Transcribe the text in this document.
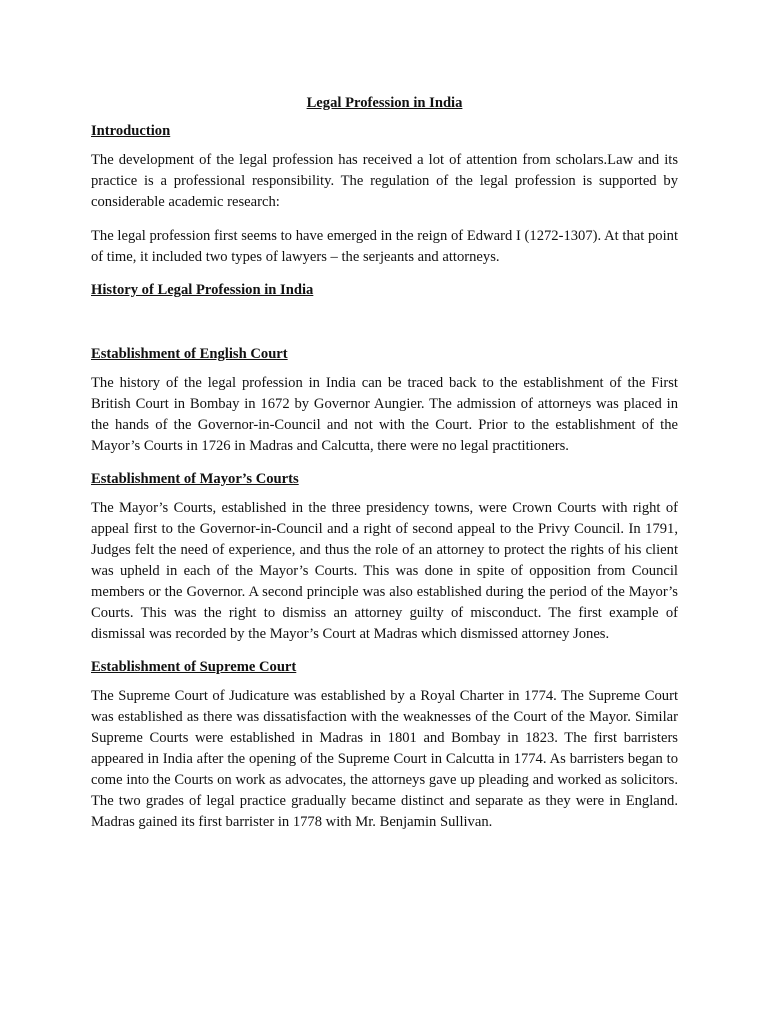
Legal Profession in India

Introduction

The development of the legal profession has received a lot of attention from scholars.Law and its practice is a professional responsibility. The regulation of the legal profession is supported by considerable academic research:

The legal profession first seems to have emerged in the reign of Edward I (1272-1307). At that point of time, it included two types of lawyers – the serjeants and attorneys.

History of Legal Profession in India

Establishment of English Court

The history of the legal profession in India can be traced back to the establishment of the First British Court in Bombay in 1672 by Governor Aungier. The admission of attorneys was placed in the hands of the Governor-in-Council and not with the Court. Prior to the establishment of the Mayor’s Courts in 1726 in Madras and Calcutta, there were no legal practitioners.

Establishment of Mayor’s Courts

The Mayor’s Courts, established in the three presidency towns, were Crown Courts with right of appeal first to the Governor-in-Council and a right of second appeal to the Privy Council. In 1791, Judges felt the need of experience, and thus the role of an attorney to protect the rights of his client was upheld in each of the Mayor’s Courts. This was done in spite of opposition from Council members or the Governor. A second principle was also established during the period of the Mayor’s Courts. This was the right to dismiss an attorney guilty of misconduct. The first example of dismissal was recorded by the Mayor’s Court at Madras which dismissed attorney Jones.

Establishment of Supreme Court

The Supreme Court of Judicature was established by a Royal Charter in 1774. The Supreme Court was established as there was dissatisfaction with the weaknesses of the Court of the Mayor. Similar Supreme Courts were established in Madras in 1801 and Bombay in 1823. The first barristers appeared in India after the opening of the Supreme Court in Calcutta in 1774. As barristers began to come into the Courts on work as advocates, the attorneys gave up pleading and worked as solicitors. The two grades of legal practice gradually became distinct and separate as they were in England. Madras gained its first barrister in 1778 with Mr. Benjamin Sullivan.
